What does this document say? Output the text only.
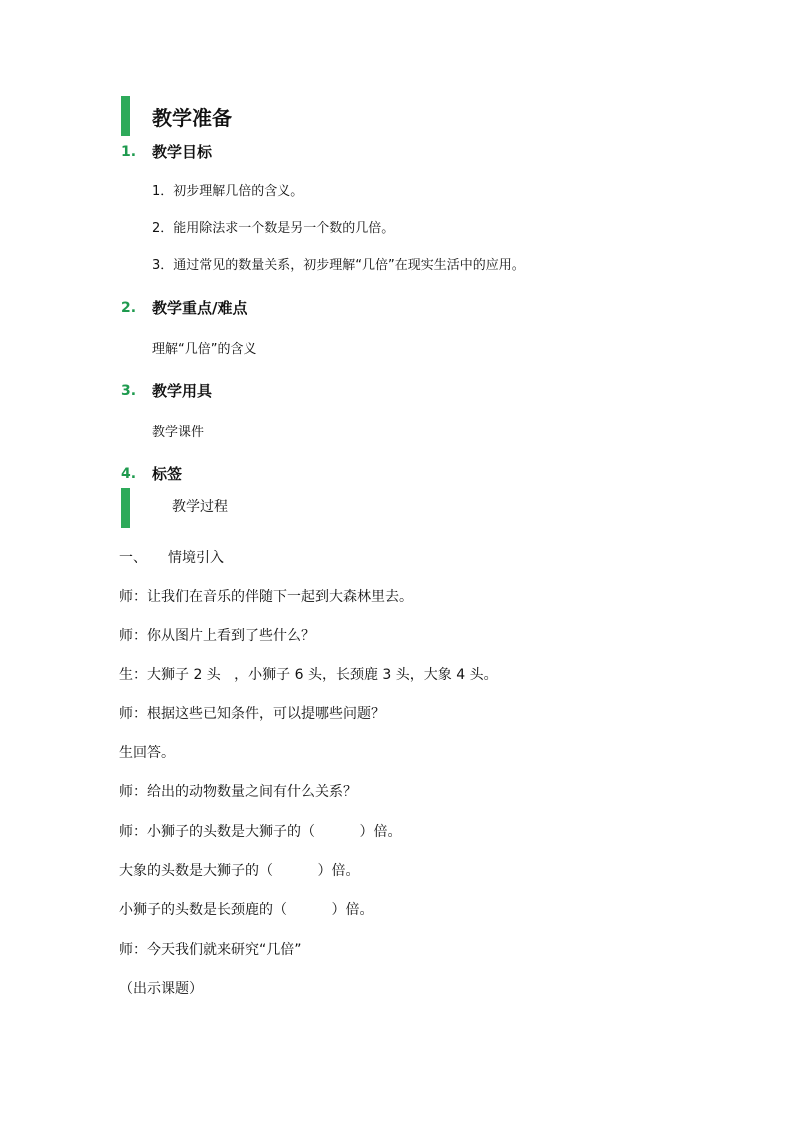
教学准备
1. 教学目标
1．初步理解几倍的含义。
2．能用除法求一个数是另一个数的几倍。
3．通过常见的数量关系，初步理解“几倍”在现实生活中的应用。
2. 教学重点/难点
理解“几倍”的含义
3. 教学用具
教学课件
4. 标签
教学过程
一、 情境引入
师：让我们在音乐的伴随下一起到大森林里去。
师：你从图片上看到了些什么？
生：大狮子 2 头   ，小狮子 6 头，长颈鹿 3 头，大象 4 头。
师：根据这些已知条件，可以提哪些问题？
生回答。
师：给出的动物数量之间有什么关系？
师：小狮子的头数是大狮子的（          ）倍。
大象的头数是大狮子的（          ）倍。
小狮子的头数是长颈鹿的（          ）倍。
师：今天我们就来研究“几倍”
（出示课题）
